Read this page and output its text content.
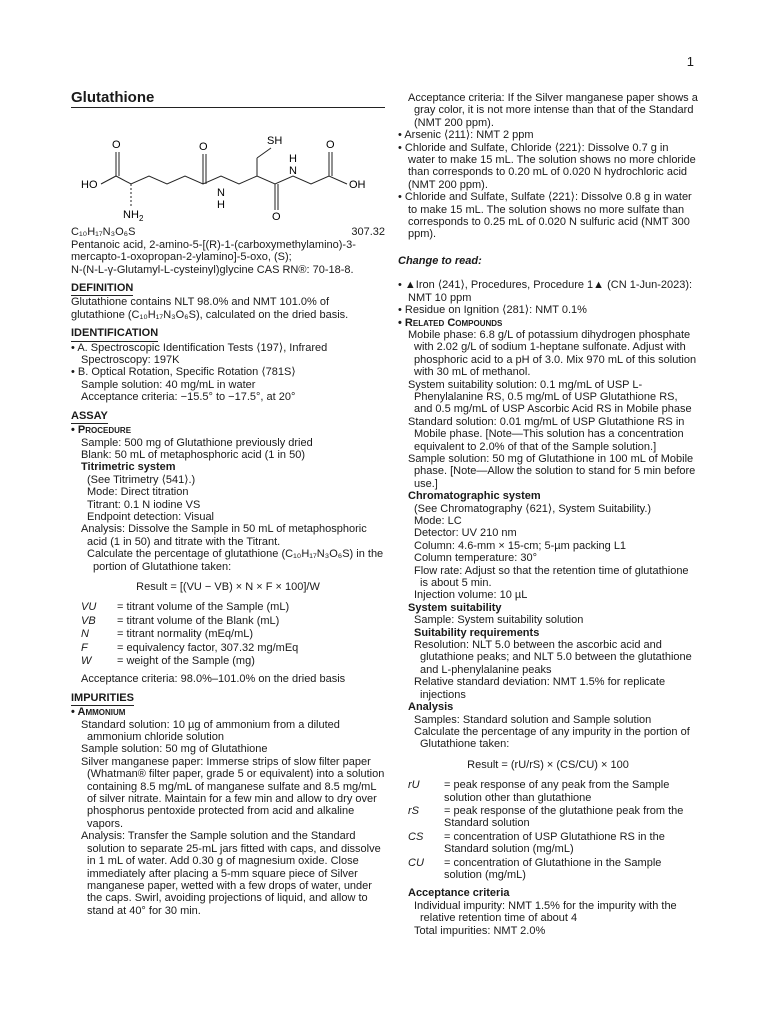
1
Glutathione
SH
O	O
O
O
HO	OH
NH 2
N
H
N
H
C₁₀H₁₇N₃O₆S	307.32

Pentanoic acid, 2-amino-5-[(R)-1-(carboxymethylamino)-3-mercapto-1-oxopropan-2-ylamino]-5-oxo, (S);

N-(N-L-γ-Glutamyl-L-cysteinyl)glycine CAS RN®: 70-18-8.

DEFINITION

Glutathione contains NLT 98.0% and NMT 101.0% of glutathione (C₁₀H₁₇N₃O₆S), calculated on the dried basis.

IDENTIFICATION

• A. Spectroscopic Identification Tests ⟨197⟩, Infrared Spectroscopy: 197K

• B. Optical Rotation, Specific Rotation ⟨781S⟩

Sample solution: 40 mg/mL in water

Acceptance criteria: −15.5° to −17.5°, at 20°

ASSAY

• Procedure

Sample: 500 mg of Glutathione previously dried

Blank: 50 mL of metaphosphoric acid (1 in 50)

Titrimetric system

(See Titrimetry ⟨541⟩.)

Mode: Direct titration

Titrant: 0.1 N iodine VS

Endpoint detection: Visual

Analysis: Dissolve the Sample in 50 mL of metaphosphoric acid (1 in 50) and titrate with the Titrant.

Calculate the percentage of glutathione (C₁₀H₁₇N₃O₆S) in the portion of Glutathione taken:

Result = [(VU − VB) × N × F × 100]/W
VU	= titrant volume of the Sample (mL)
VB	= titrant volume of the Blank (mL)
N	= titrant normality (mEq/mL)
F	= equivalency factor, 307.32 mg/mEq
W	= weight of the Sample (mg)

Acceptance criteria: 98.0%–101.0% on the dried basis

IMPURITIES

• Ammonium

Standard solution: 10 µg of ammonium from a diluted ammonium chloride solution

Sample solution: 50 mg of Glutathione

Silver manganese paper: Immerse strips of slow filter paper (Whatman® filter paper, grade 5 or equivalent) into a solution containing 8.5 mg/mL of manganese sulfate and 8.5 mg/mL of silver nitrate. Maintain for a few min and allow to dry over phosphorus pentoxide protected from acid and alkaline vapors.

Analysis: Transfer the Sample solution and the Standard solution to separate 25-mL jars fitted with caps, and dissolve in 1 mL of water. Add 0.30 g of magnesium oxide. Close immediately after placing a 5-mm square piece of Silver manganese paper, wetted with a few drops of water, under the caps. Swirl, avoiding projections of liquid, and allow to stand at 40° for 30 min.

Acceptance criteria: If the Silver manganese paper shows a gray color, it is not more intense than that of the Standard (NMT 200 ppm).

• Arsenic ⟨211⟩: NMT 2 ppm

• Chloride and Sulfate, Chloride ⟨221⟩: Dissolve 0.7 g in water to make 15 mL. The solution shows no more chloride than corresponds to 0.20 mL of 0.020 N hydrochloric acid (NMT 200 ppm).

• Chloride and Sulfate, Sulfate ⟨221⟩: Dissolve 0.8 g in water to make 15 mL. The solution shows no more sulfate than corresponds to 0.25 mL of 0.020 N sulfuric acid (NMT 300 ppm).

Change to read:

• ▲Iron ⟨241⟩, Procedures, Procedure 1▲ (CN 1-Jun-2023): NMT 10 ppm

• Residue on Ignition ⟨281⟩: NMT 0.1%

• Related Compounds

Mobile phase: 6.8 g/L of potassium dihydrogen phosphate with 2.02 g/L of sodium 1-heptane sulfonate. Adjust with phosphoric acid to a pH of 3.0. Mix 970 mL of this solution with 30 mL of methanol.

System suitability solution: 0.1 mg/mL of USP L-Phenylalanine RS, 0.5 mg/mL of USP Glutathione RS, and 0.5 mg/mL of USP Ascorbic Acid RS in Mobile phase

Standard solution: 0.01 mg/mL of USP Glutathione RS in Mobile phase. [Note—This solution has a concentration equivalent to 2.0% of that of the Sample solution.]

Sample solution: 50 mg of Glutathione in 100 mL of Mobile phase. [Note—Allow the solution to stand for 5 min before use.]

Chromatographic system

(See Chromatography ⟨621⟩, System Suitability.)

Mode: LC

Detector: UV 210 nm

Column: 4.6-mm × 15-cm; 5-µm packing L1

Column temperature: 30°

Flow rate: Adjust so that the retention time of glutathione is about 5 min.

Injection volume: 10 µL

System suitability

Sample: System suitability solution

Suitability requirements

Resolution: NLT 5.0 between the ascorbic acid and glutathione peaks; and NLT 5.0 between the glutathione and L-phenylalanine peaks

Relative standard deviation: NMT 1.5% for replicate injections

Analysis

Samples: Standard solution and Sample solution

Calculate the percentage of any impurity in the portion of Glutathione taken:

Result = (rU/rS) × (CS/CU) × 100
rU	= peak response of any peak from the Sample solution other than glutathione
rS	= peak response of the glutathione peak from the Standard solution
CS	= concentration of USP Glutathione RS in the Standard solution (mg/mL)
CU	= concentration of Glutathione in the Sample solution (mg/mL)

Acceptance criteria

Individual impurity: NMT 1.5% for the impurity with the relative retention time of about 4

Total impurities: NMT 2.0%
